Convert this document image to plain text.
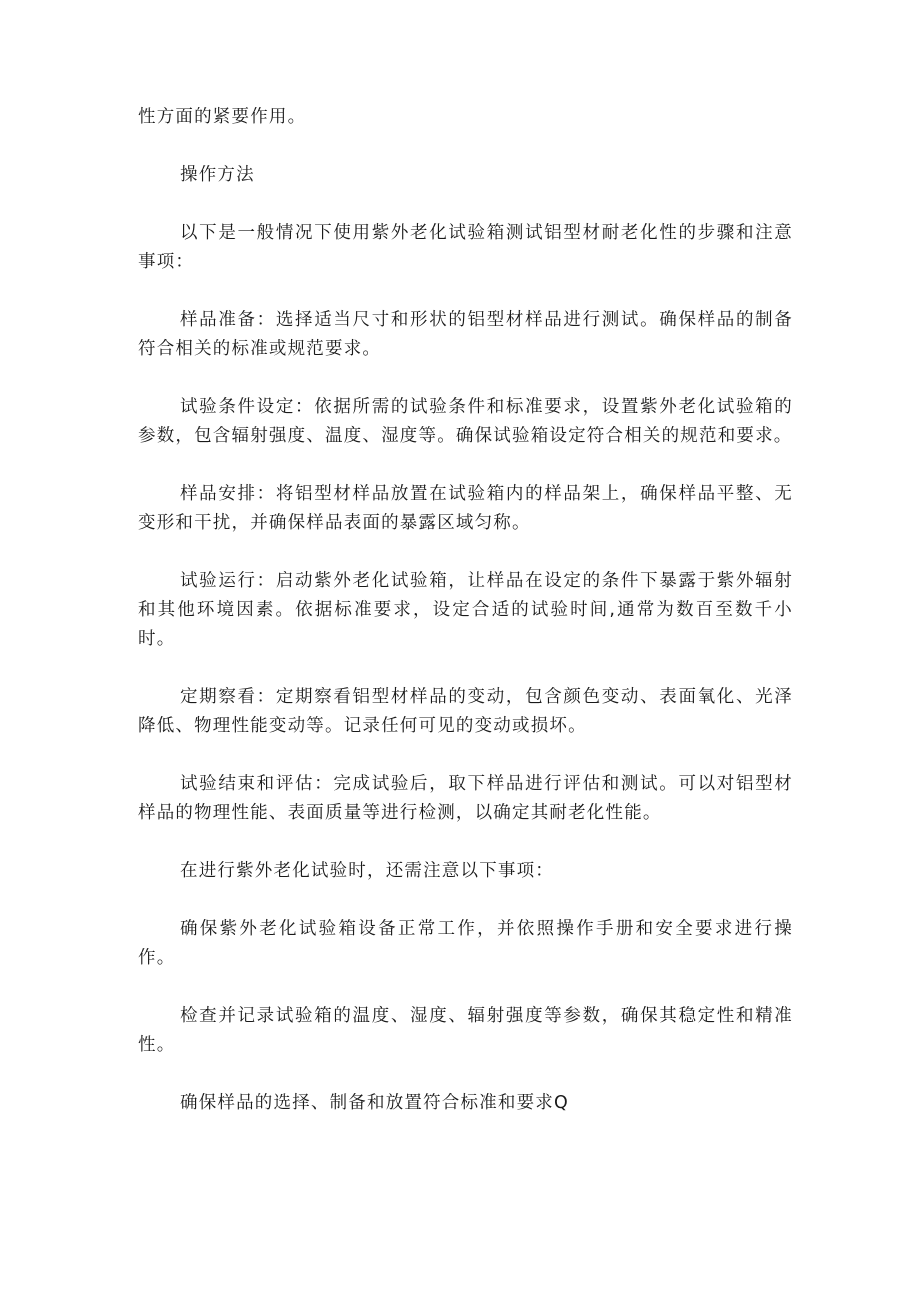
性方面的紧要作用。

操作方法

以下是一般情况下使用紫外老化试验箱测试铝型材耐老化性的步骤和注意事项：

样品准备：选择适当尺寸和形状的铝型材样品进行测试。确保样品的制备符合相关的标准或规范要求。

试验条件设定：依据所需的试验条件和标准要求，设置紫外老化试验箱的参数，包含辐射强度、温度、湿度等。确保试验箱设定符合相关的规范和要求。

样品安排：将铝型材样品放置在试验箱内的样品架上，确保样品平整、无变形和干扰，并确保样品表面的暴露区域匀称。

试验运行：启动紫外老化试验箱，让样品在设定的条件下暴露于紫外辐射和其他环境因素。依据标准要求，设定合适的试验时间,通常为数百至数千小时。

定期察看：定期察看铝型材样品的变动，包含颜色变动、表面氧化、光泽降低、物理性能变动等。记录任何可见的变动或损坏。

试验结束和评估：完成试验后，取下样品进行评估和测试。可以对铝型材样品的物理性能、表面质量等进行检测，以确定其耐老化性能。

在进行紫外老化试验时，还需注意以下事项：

确保紫外老化试验箱设备正常工作，并依照操作手册和安全要求进行操作。

检查并记录试验箱的温度、湿度、辐射强度等参数，确保其稳定性和精准性。

确保样品的选择、制备和放置符合标准和要求Q
